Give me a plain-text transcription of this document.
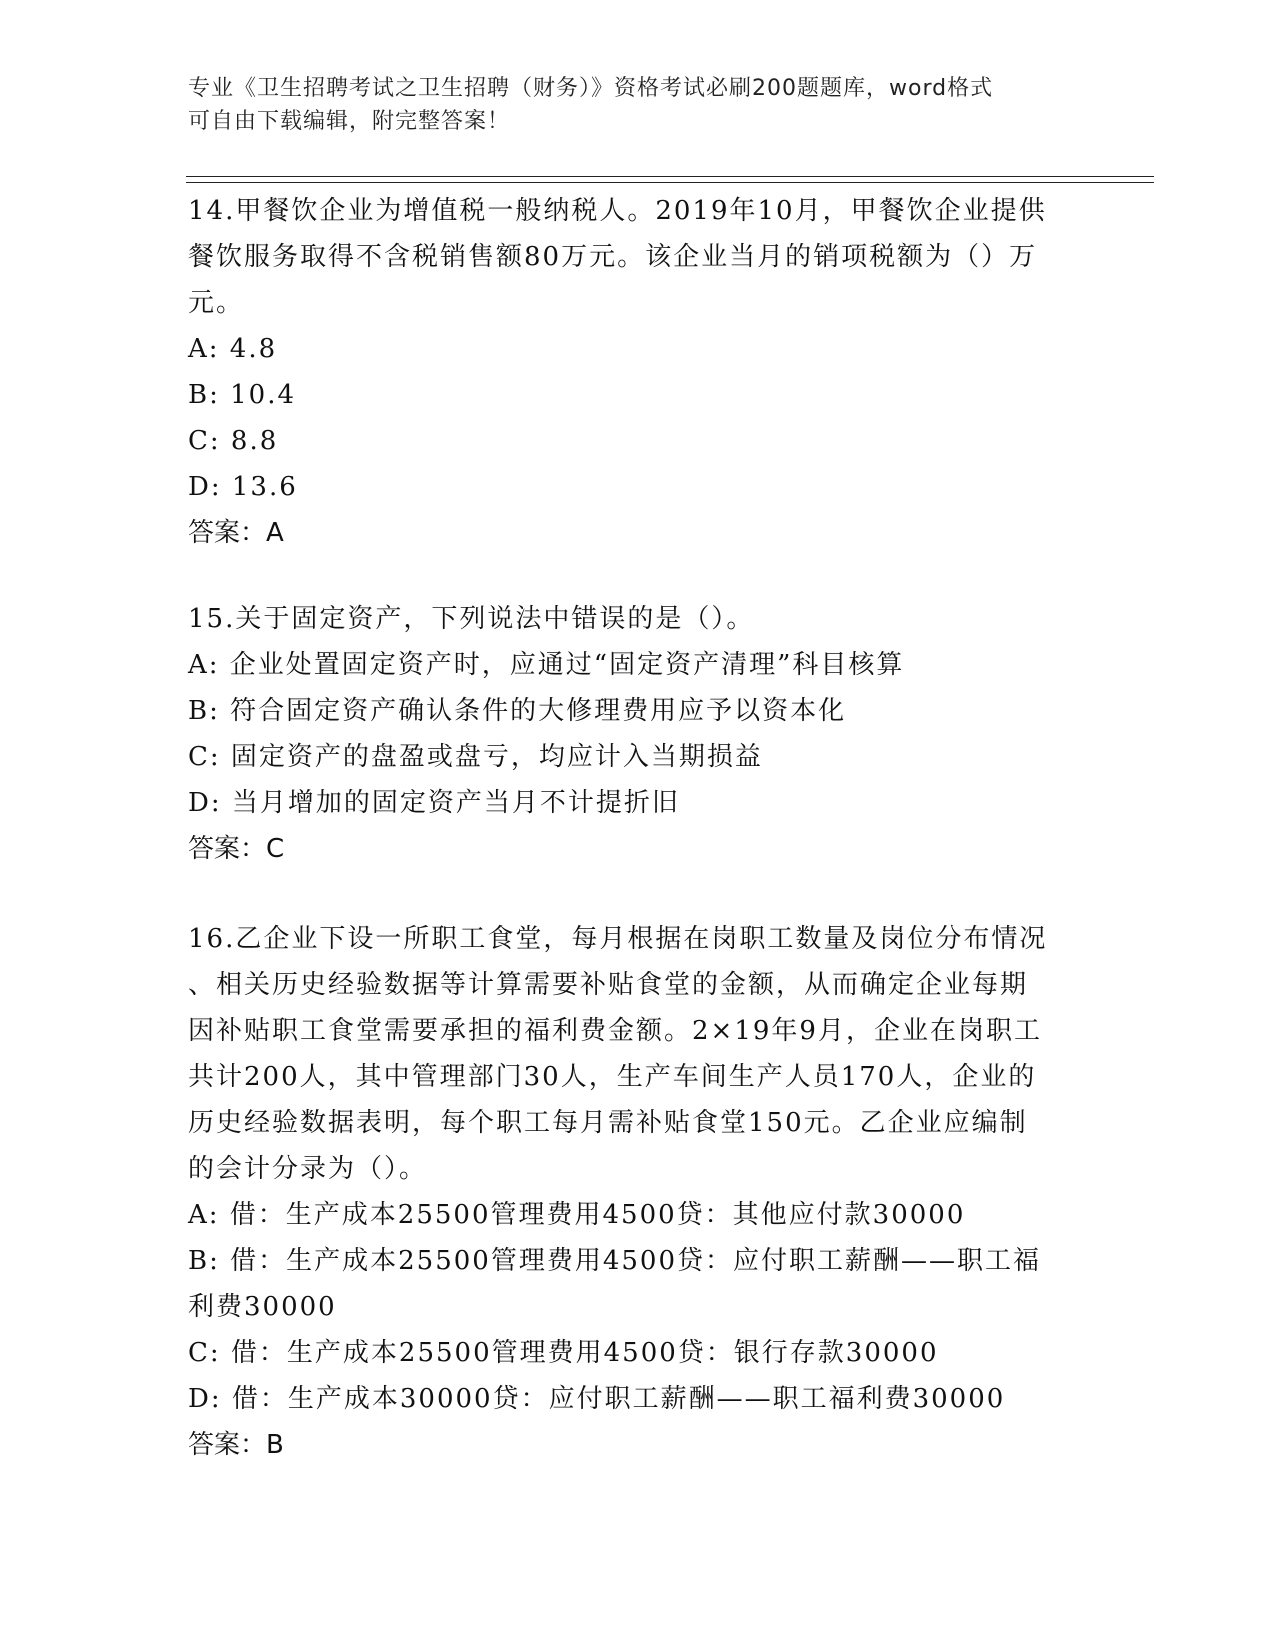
专业《卫生招聘考试之卫生招聘（财务）》资格考试必刷200题题库，word格式
可自由下载编辑，附完整答案！
14.甲餐饮企业为增值税一般纳税人。2019年10月，甲餐饮企业提供
餐饮服务取得不含税销售额80万元。该企业当月的销项税额为（）万
元。
A: 4.8
B: 10.4
C: 8.8
D: 13.6
答案：A
15.关于固定资产，下列说法中错误的是（）。
A: 企业处置固定资产时，应通过“固定资产清理”科目核算
B: 符合固定资产确认条件的大修理费用应予以资本化
C: 固定资产的盘盈或盘亏，均应计入当期损益
D: 当月增加的固定资产当月不计提折旧
答案：C
16.乙企业下设一所职工食堂，每月根据在岗职工数量及岗位分布情况
、相关历史经验数据等计算需要补贴食堂的金额，从而确定企业每期
因补贴职工食堂需要承担的福利费金额。2×19年9月，企业在岗职工
共计200人，其中管理部门30人，生产车间生产人员170人，企业的
历史经验数据表明，每个职工每月需补贴食堂150元。乙企业应编制
的会计分录为（）。
A: 借：生产成本25500管理费用4500贷：其他应付款30000
B: 借：生产成本25500管理费用4500贷：应付职工薪酬——职工福
利费30000
C: 借：生产成本25500管理费用4500贷：银行存款30000
D: 借：生产成本30000贷：应付职工薪酬——职工福利费30000
答案：B
